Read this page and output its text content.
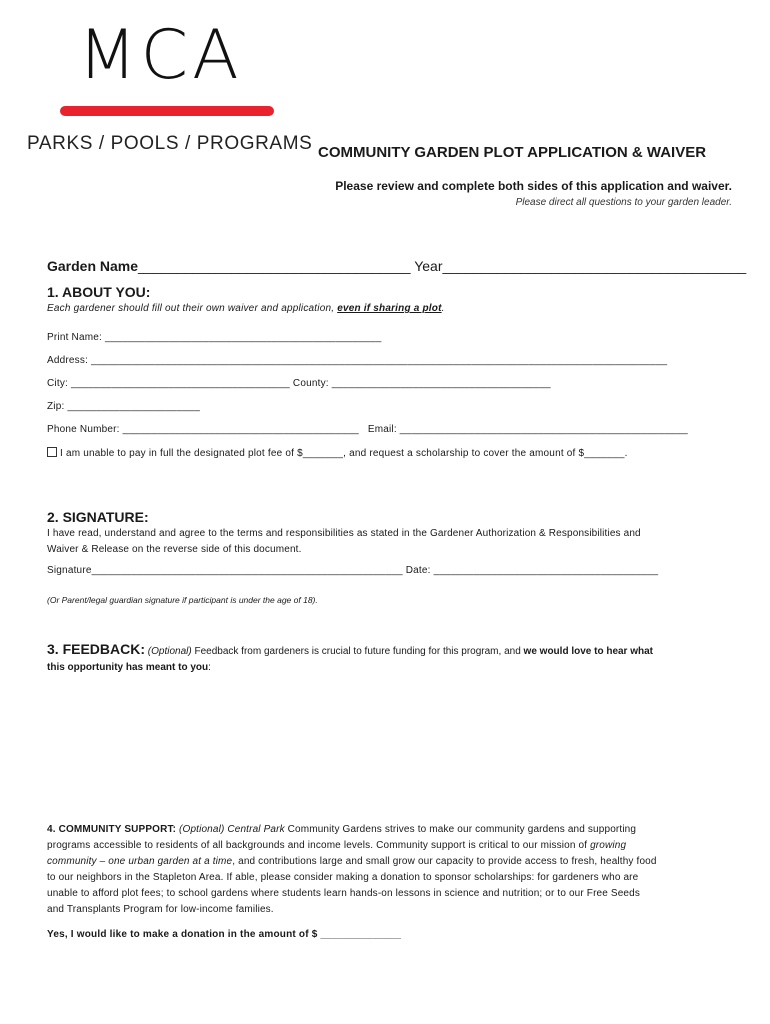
MCA
PARKS / POOLS / PROGRAMS COMMUNITY GARDEN PLOT APPLICATION & WAIVER
Please review and complete both sides of this application and waiver.
Please direct all questions to your garden leader.
Garden Name___________________________________ Year_______________________________________
1. ABOUT YOU:
Each gardener should fill out their own waiver and application, even if sharing a plot.
Print Name: ________________________________________________
Address: ____________________________________________________________________________________________________
City: ______________________________________ County: ______________________________________
Zip: _______________________
Phone Number: _________________________________________ Email: __________________________________________________
I am unable to pay in full the designated plot fee of $_______, and request a scholarship to cover the amount of $_______.
2. SIGNATURE:
I have read, understand and agree to the terms and responsibilities as stated in the Gardener Authorization & Responsibilities and
Waiver & Release on the reverse side of this document.
Signature______________________________________________________ Date: _______________________________________
(Or Parent/legal guardian signature if participant is under the age of 18).
3. FEEDBACK: (Optional) Feedback from gardeners is crucial to future funding for this program, and we would love to hear what
this opportunity has meant to you:
4. COMMUNITY SUPPORT: (Optional) Central Park Community Gardens strives to make our community gardens and supporting
programs accessible to residents of all backgrounds and income levels. Community support is critical to our mission of growing
community – one urban garden at a time, and contributions large and small grow our capacity to provide access to fresh, healthy food
to our neighbors in the Stapleton Area. If able, please consider making a donation to sponsor scholarships: for gardeners who are
unable to afford plot fees; to school gardens where students learn hands-on lessons in science and nutrition; or to our Free Seeds
and Transplants Program for low-income families.
Yes, I would like to make a donation in the amount of $ ______________
